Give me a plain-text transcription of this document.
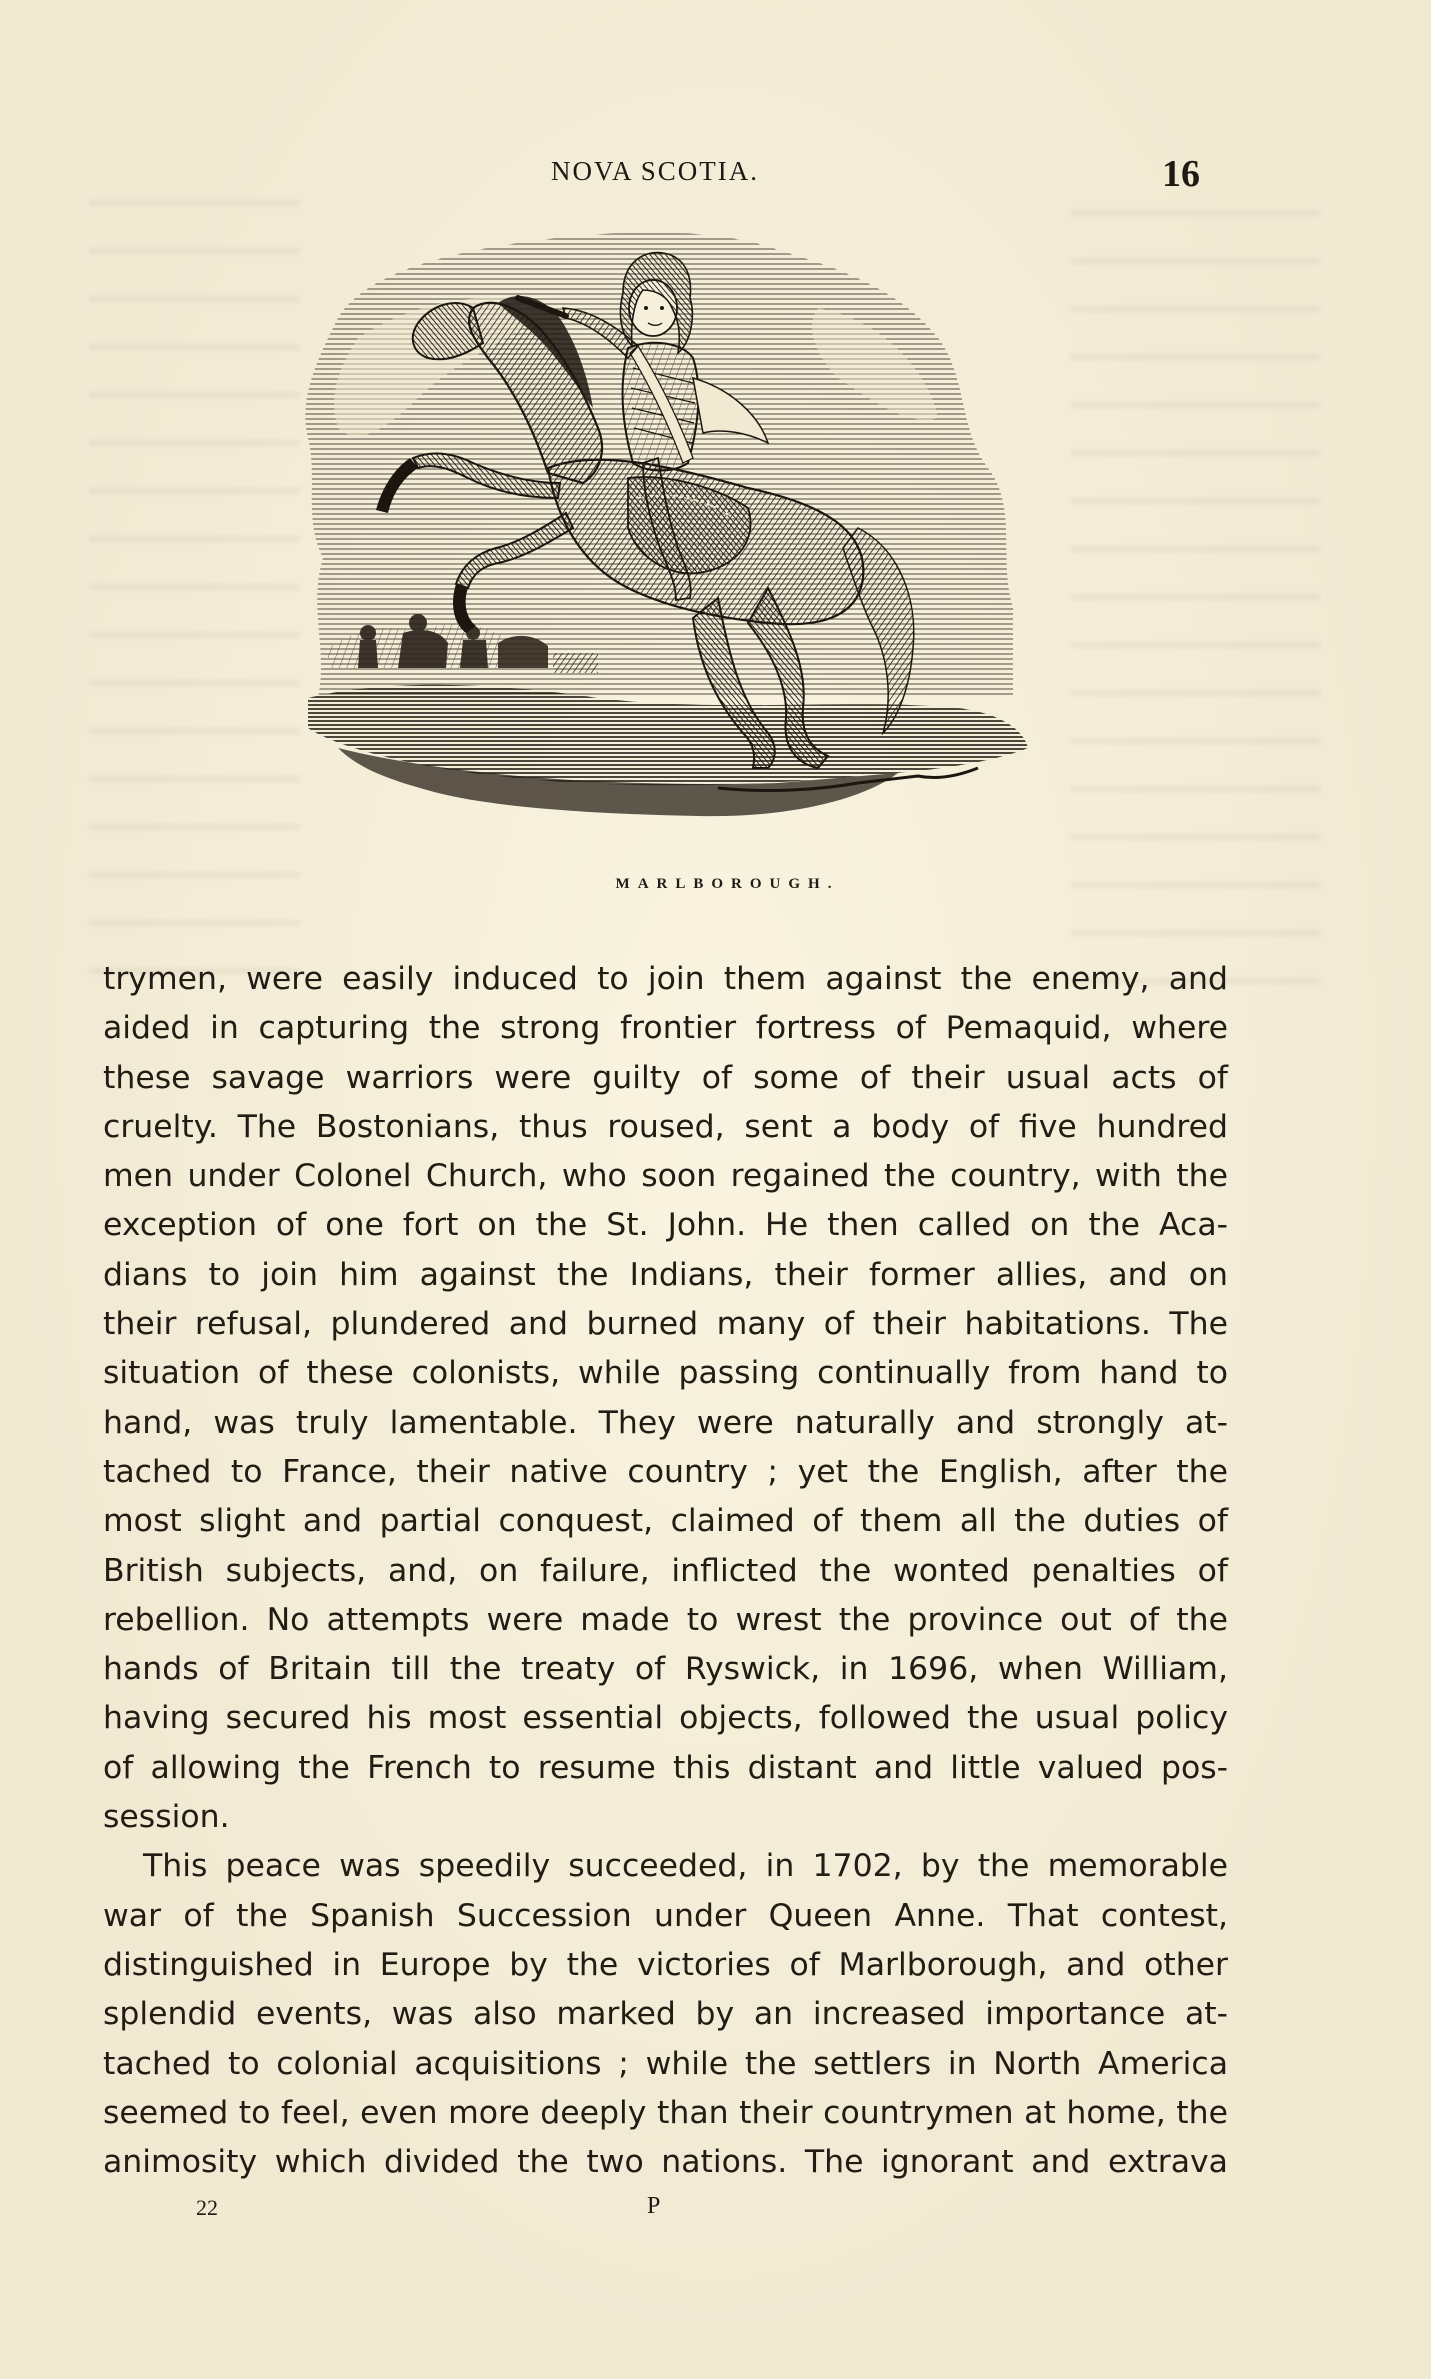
NOVA SCOTIA.	16
MARLBOROUGH.
trymen, were easily induced to join them against the enemy, and
aided in capturing the strong frontier fortress of Pemaquid, where
these savage warriors were guilty of some of their usual acts of
cruelty. The Bostonians, thus roused, sent a body of five hundred
men under Colonel Church, who soon regained the country, with the
exception of one fort on the St. John. He then called on the Aca-
dians to join him against the Indians, their former allies, and on
their refusal, plundered and burned many of their habitations. The
situation of these colonists, while passing continually from hand to
hand, was truly lamentable. They were naturally and strongly at-
tached to France, their native country ; yet the English, after the
most slight and partial conquest, claimed of them all the duties of
British subjects, and, on failure, inflicted the wonted penalties of
rebellion. No attempts were made to wrest the province out of the
hands of Britain till the treaty of Ryswick, in 1696, when William,
having secured his most essential objects, followed the usual policy
of allowing the French to resume this distant and little valued pos-
session.
This peace was speedily succeeded, in 1702, by the memorable
war of the Spanish Succession under Queen Anne. That contest,
distinguished in Europe by the victories of Marlborough, and other
splendid events, was also marked by an increased importance at-
tached to colonial acquisitions ; while the settlers in North America
seemed to feel, even more deeply than their countrymen at home, the
animosity which divided the two nations. The ignorant and extrava
22	P
